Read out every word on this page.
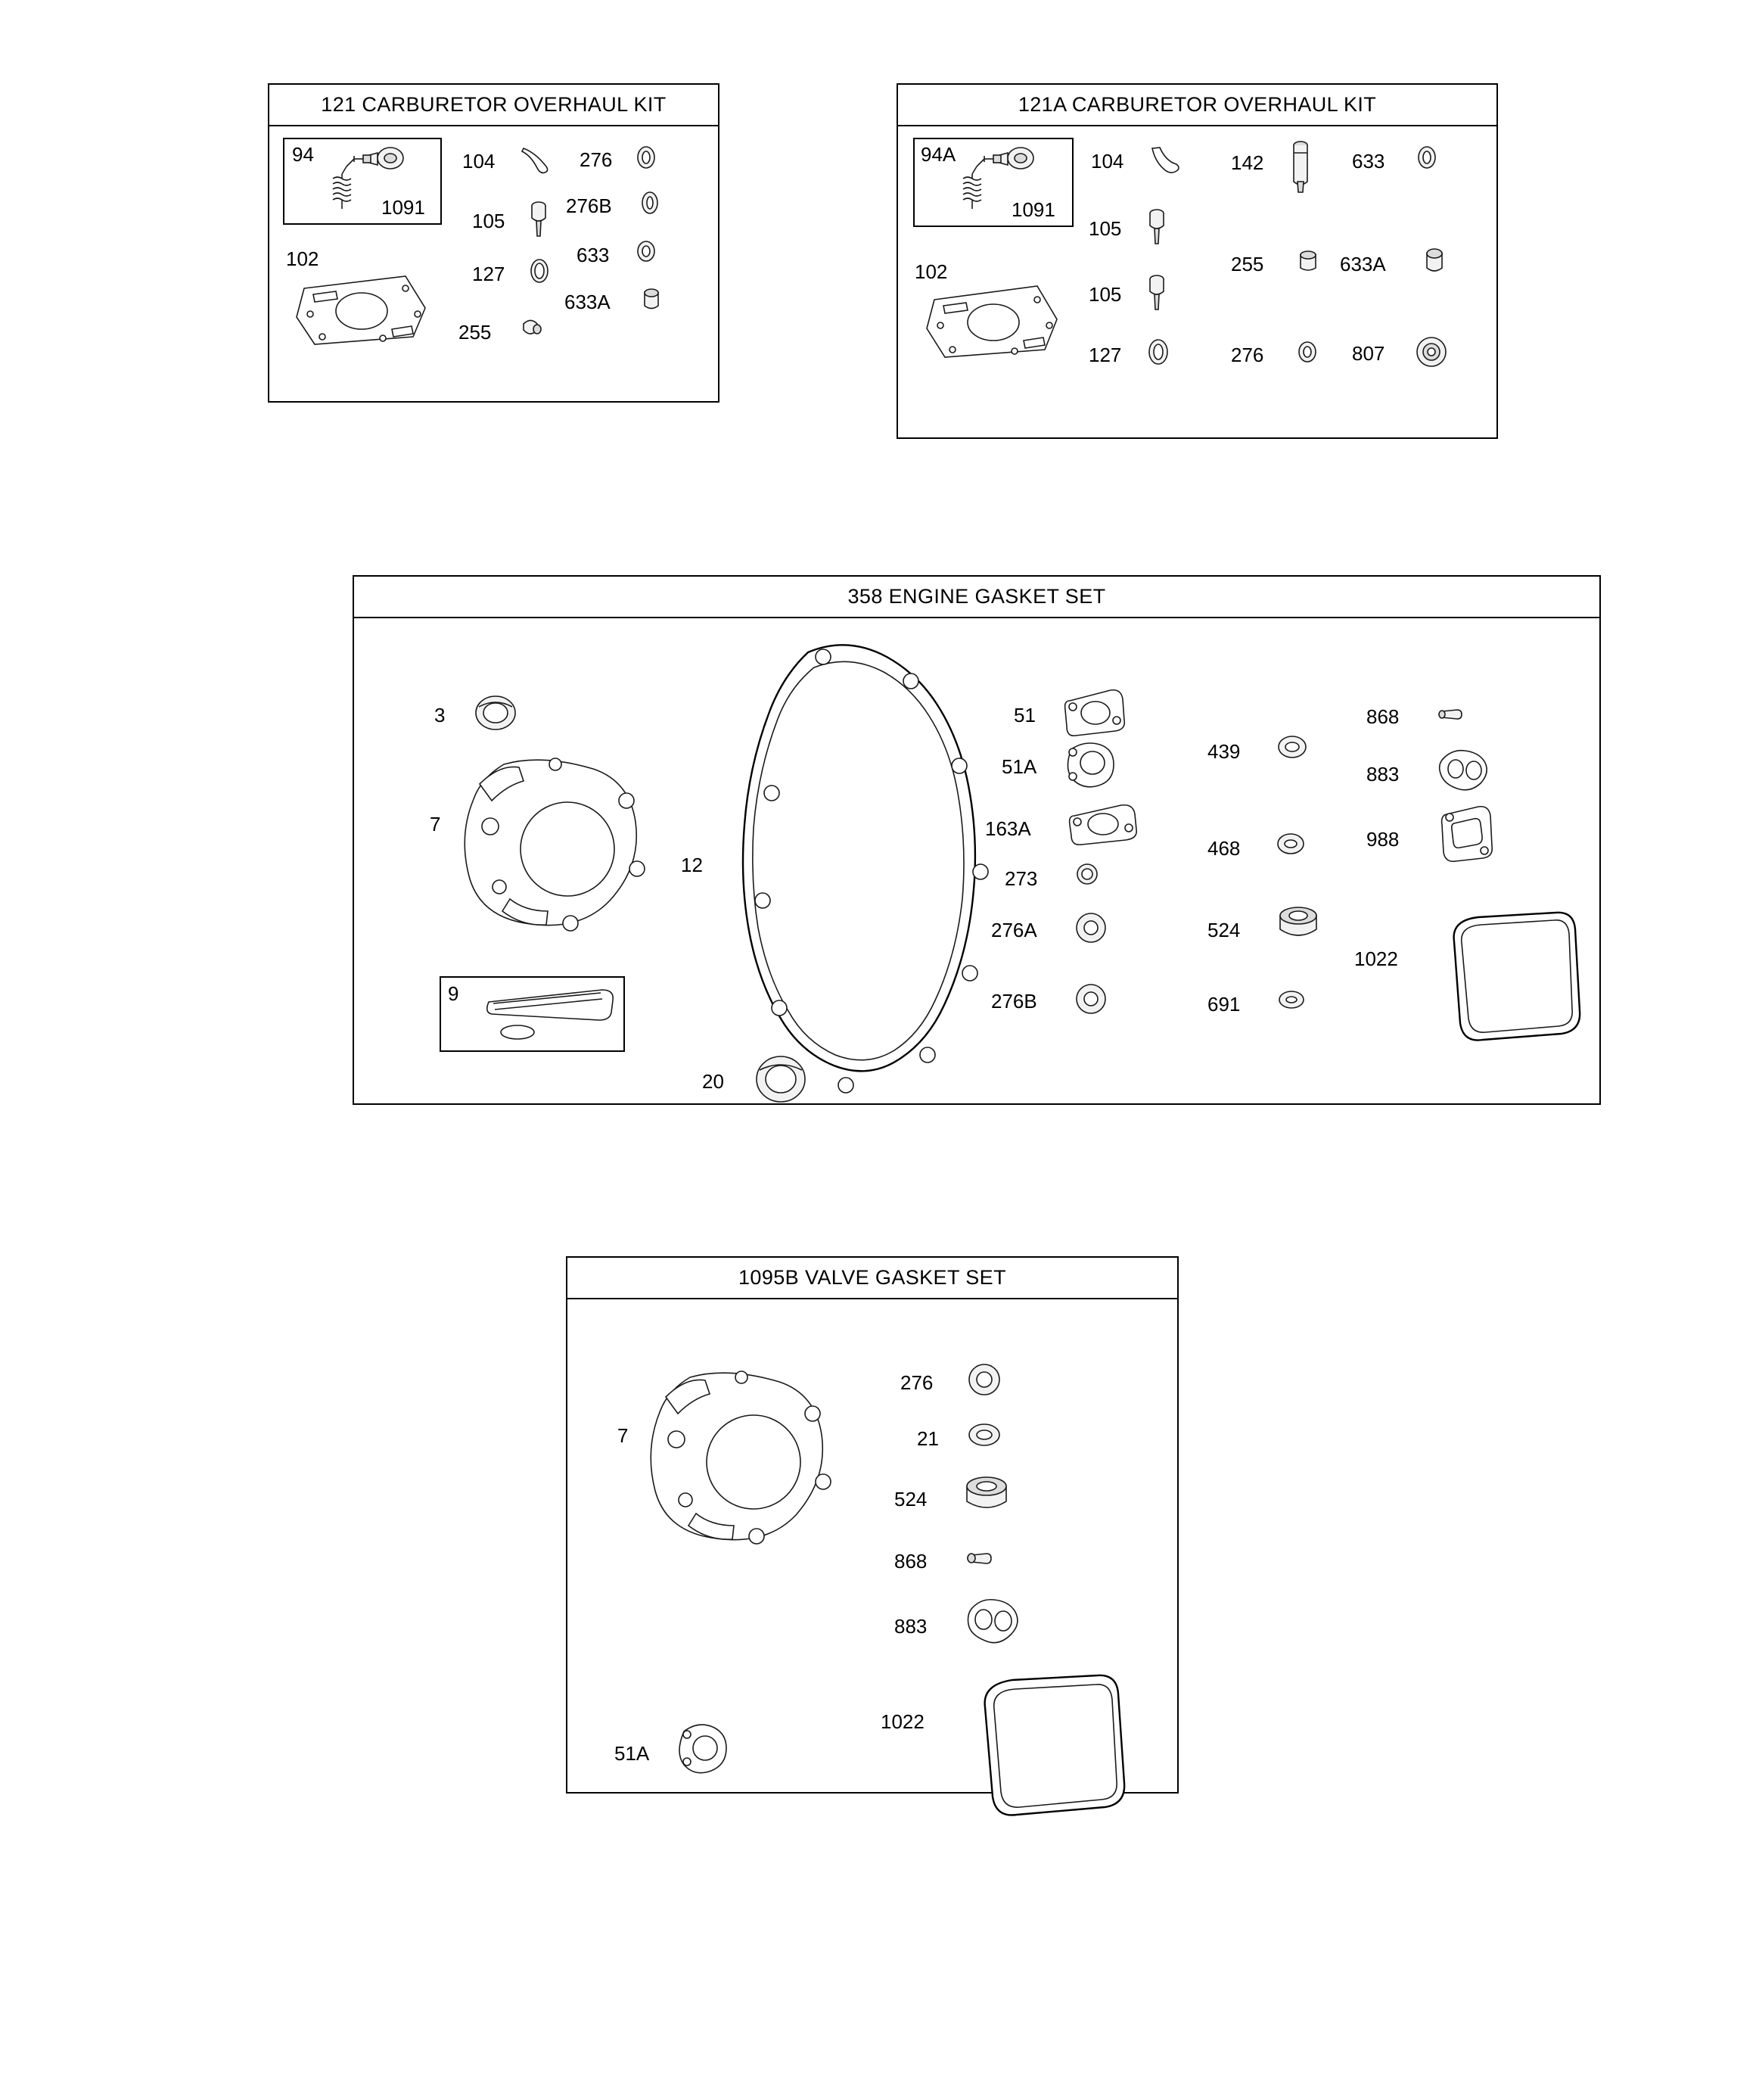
121 CARBURETOR OVERHAUL KIT
94
1091
102
104
105
127
255
276
276B
633
633A
121A CARBURETOR OVERHAUL KIT
94A
1091
102
104
105
105
127
142
255
276
633
633A
807
358 ENGINE GASKET SET
3
7
9
12
20
51
51A
163A
273
276A
276B
439
468
524
691
868
883
988
1022
1095B VALVE GASKET SET
7
51A
276
21
524
868
883
1022
